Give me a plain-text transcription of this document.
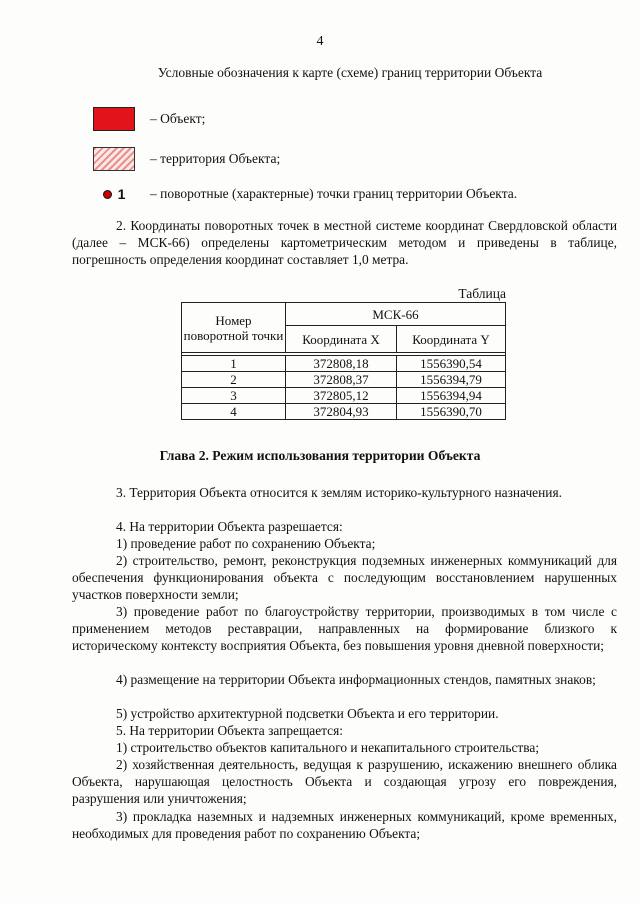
4
Условные обозначения к карте (схеме) границ территории Объекта
– Объект;
– территория Объекта;
1 – поворотные (характерные) точки границ территории Объекта.
2. Координаты поворотных точек в местной системе координат Свердловской области (далее – МСК-66) определены картометрическим методом и приведены в таблице, погрешность определения координат составляет 1,0 метра.
Таблица
Номер поворотной точки	МСК-66	
	Координата X	Координата Y

1	372808,18	1556390,54
2	372808,37	1556394,79
3	372805,12	1556394,94
4	372804,93	1556390,70
Глава 2. Режим использования территории Объекта
3. Территория Объекта относится к землям историко-культурного назначения.
4. На территории Объекта разрешается:
1) проведение работ по сохранению Объекта;
2) строительство, ремонт, реконструкция подземных инженерных коммуникаций для обеспечения функционирования объекта с последующим восстановлением нарушенных участков поверхности земли;
3) проведение работ по благоустройству территории, производимых в том числе с применением методов реставрации, направленных на формирование близкого к историческому контексту восприятия Объекта, без повышения уровня дневной поверхности;
4) размещение на территории Объекта информационных стендов, памятных знаков;
5) устройство архитектурной подсветки Объекта и его территории.
5. На территории Объекта запрещается:
1) строительство объектов капитального и некапитального строительства;
2) хозяйственная деятельность, ведущая к разрушению, искажению внешнего облика Объекта, нарушающая целостность Объекта и создающая угрозу его повреждения, разрушения или уничтожения;
3) прокладка наземных и надземных инженерных коммуникаций, кроме временных, необходимых для проведения работ по сохранению Объекта;
